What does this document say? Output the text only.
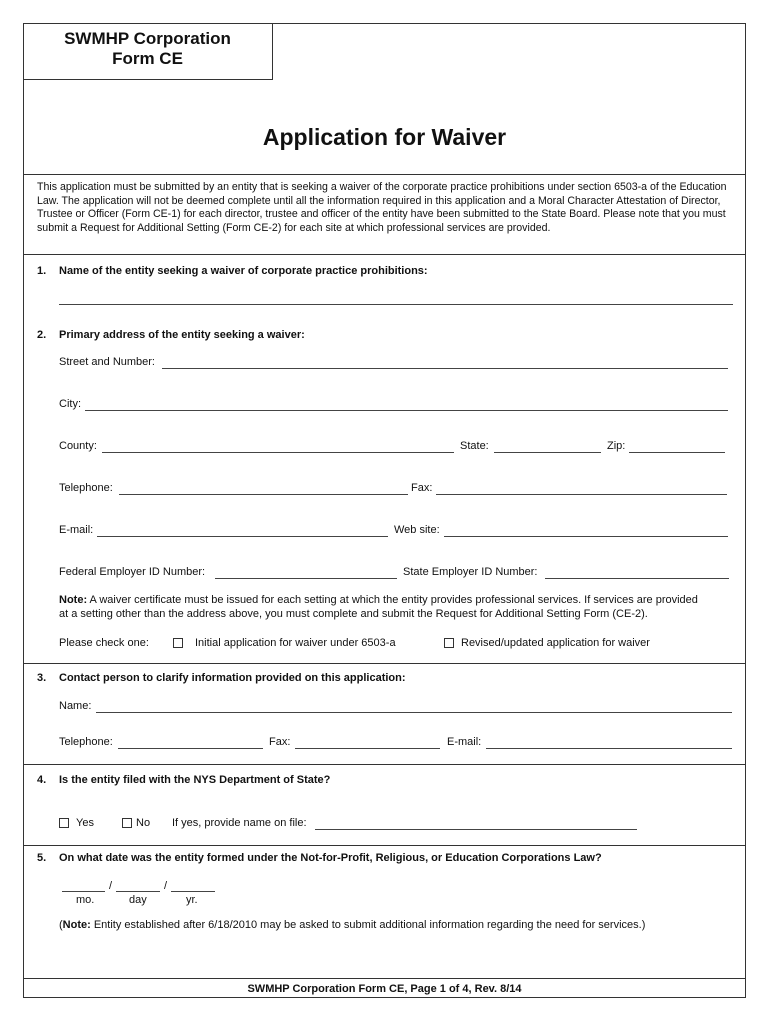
SWMHP Corporation
Form CE
Application for Waiver
This application must be submitted by an entity that is seeking a waiver of the corporate practice prohibitions under section 6503-a of the Education Law. The application will not be deemed complete until all the information required in this application and a Moral Character Attestation of Director, Trustee or Officer (Form CE-1) for each director, trustee and officer of the entity have been submitted to the State Board. Please note that you must submit a Request for Additional Setting (Form CE-2) for each site at which professional services are provided.
1. Name of the entity seeking a waiver of corporate practice prohibitions:
2. Primary address of the entity seeking a waiver:
Street and Number:
City:
County:	State:	Zip:
Telephone:	Fax:
E-mail:	Web site:
Federal Employer ID Number:	State Employer ID Number:
Note: A waiver certificate must be issued for each setting at which the entity provides professional services. If services are provided
at a setting other than the address above, you must complete and submit the Request for Additional Setting Form (CE-2).
Please check one:	Initial application for waiver under 6503-a	Revised/updated application for waiver
3. Contact person to clarify information provided on this application:
Name:
Telephone:	Fax:	E-mail:
4. Is the entity filed with the NYS Department of State?
Yes	No If yes, provide name on file:
5. On what date was the entity formed under the Not-for-Profit, Religious, or Education Corporations Law?
/	/
mo.	day	yr.
(Note: Entity established after 6/18/2010 may be asked to submit additional information regarding the need for services.)
SWMHP Corporation Form CE, Page 1 of 4, Rev. 8/14
